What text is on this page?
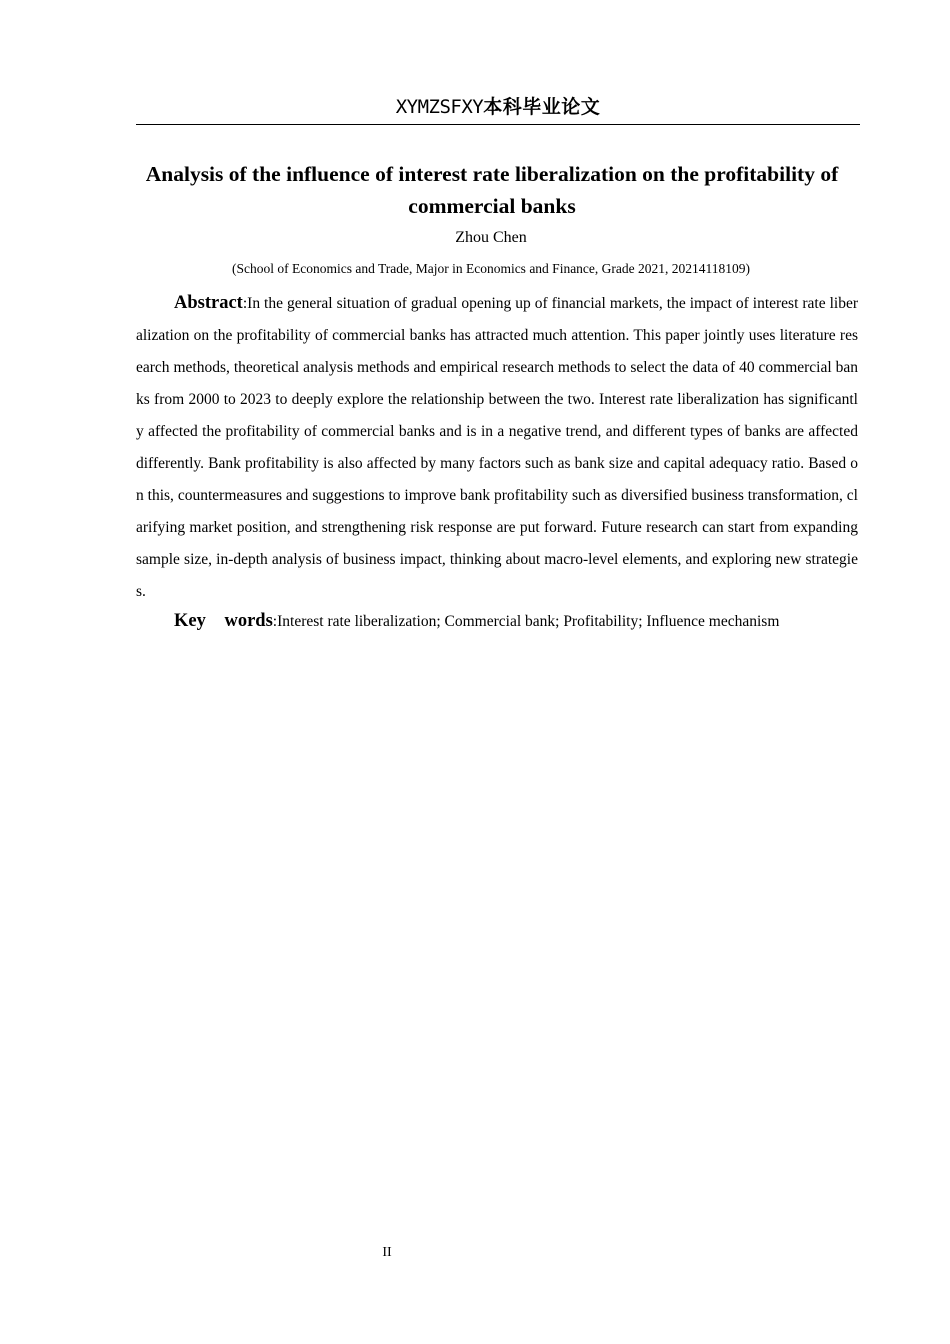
XYMZSFXY本科毕业论文
Analysis of the influence of interest rate liberalization on the profitability of commercial banks
Zhou Chen
(School of Economics and Trade, Major in Economics and Finance, Grade 2021, 20214118109)

Abstract:In the general situation of gradual opening up of financial markets, the impact of interest rate liberalization on the profitability of commercial banks has attracted much attention. This paper jointly uses literature research methods, theoretical analysis methods and empirical research methods to select the data of 40 commercial banks from 2000 to 2023 to deeply explore the relationship between the two. Interest rate liberalization has significantly affected the profitability of commercial banks and is in a negative trend, and different types of banks are affected differently. Bank profitability is also affected by many factors such as bank size and capital adequacy ratio. Based on this, countermeasures and suggestions to improve bank profitability such as diversified business transformation, clarifying market position, and strengthening risk response are put forward. Future research can start from expanding sample size, in-depth analysis of business impact, thinking about macro-level elements, and exploring new strategies.

Key words:Interest rate liberalization; Commercial bank; Profitability; Influence mechanism

II
